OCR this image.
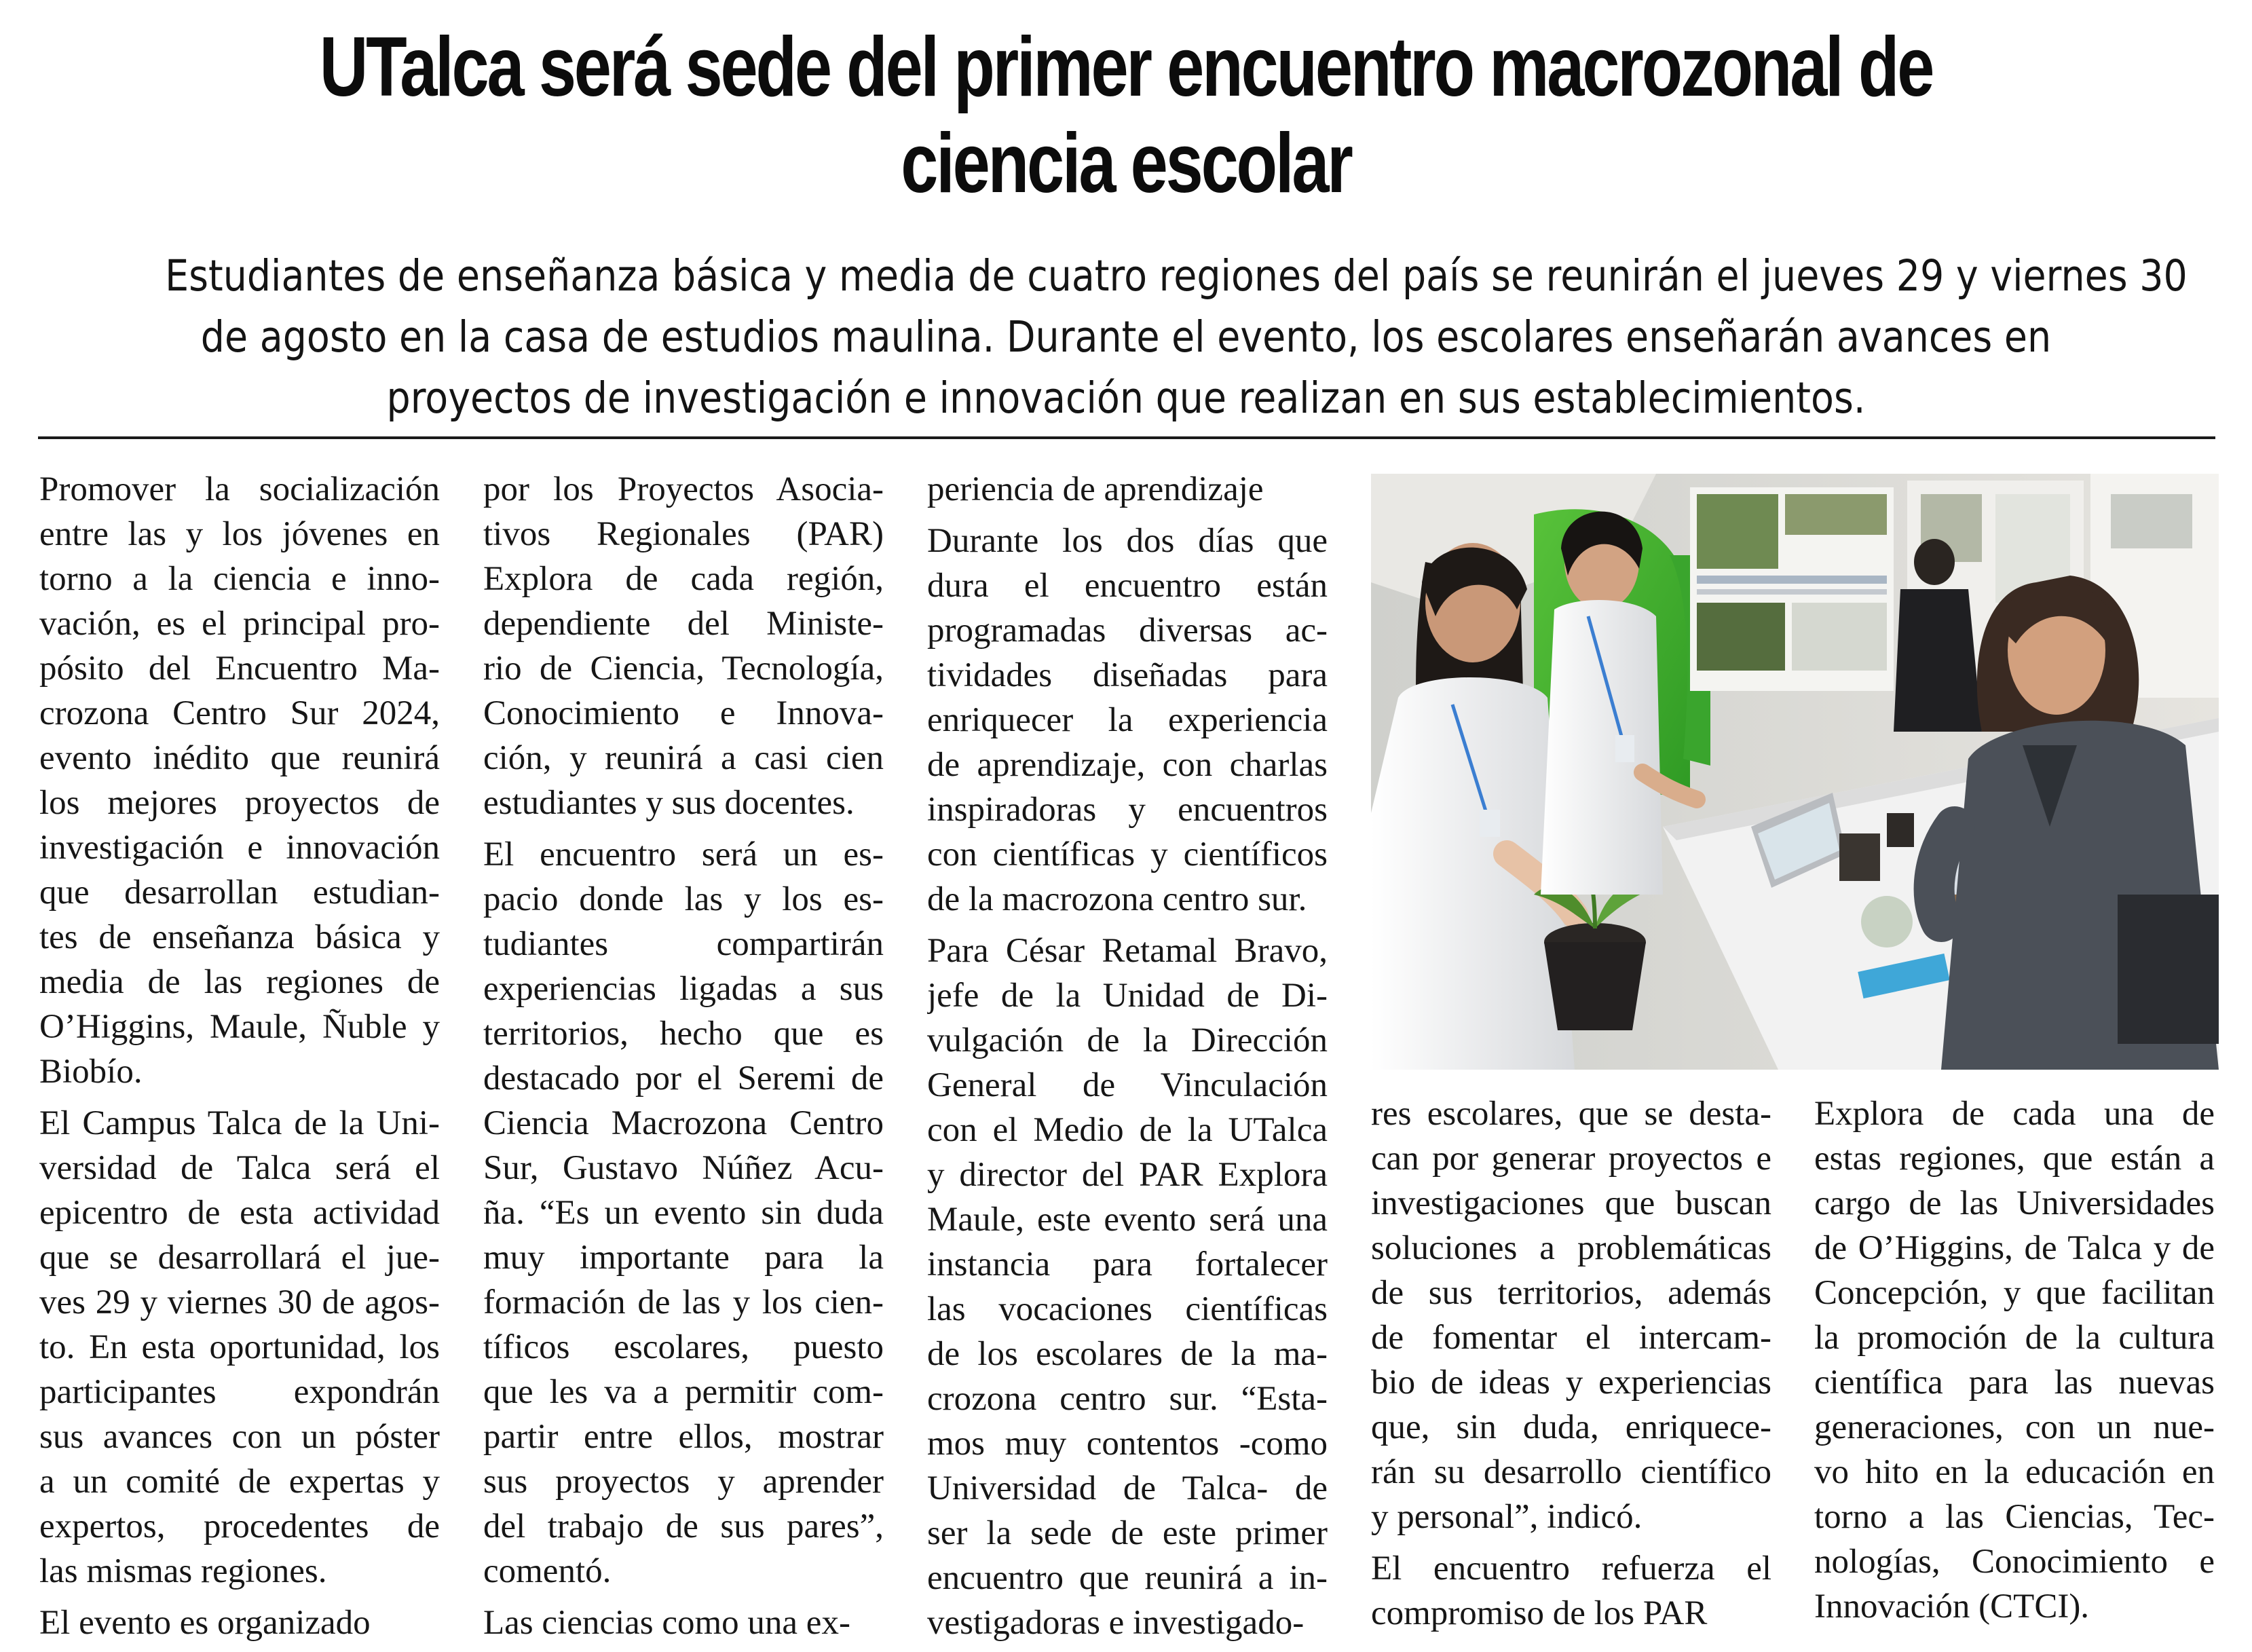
UTalca será sede del primer encuentro macrozonal de
ciencia escolar
Estudiantes de enseñanza básica y media de cuatro regiones del país se reunirán el jueves 29 y viernes 30
de agosto en la casa de estudios maulina. Durante el evento, los escolares enseñarán avances en
proyectos de investigación e innovación que realizan en sus establecimientos.

Promover la socialización
entre las y los jóvenes en
torno a la ciencia e inno-
vación, es el principal pro-
pósito del Encuentro Ma-
crozona Centro Sur 2024,
evento inédito que reunirá
los mejores proyectos de
investigación e innovación
que desarrollan estudian-
tes de enseñanza básica y
media de las regiones de
O’Higgins, Maule, Ñuble y
Biobío.

El Campus Talca de la Uni-
versidad de Talca será el
epicentro de esta actividad
que se desarrollará el jue-
ves 29 y viernes 30 de agos-
to. En esta oportunidad, los
participantes expondrán
sus avances con un póster
a un comité de expertas y
expertos, procedentes de
las mismas regiones.

El evento es organizado

por los Proyectos Asocia-
tivos Regionales (PAR)
Explora de cada región,
dependiente del Ministe-
rio de Ciencia, Tecnología,
Conocimiento e Innova-
ción, y reunirá a casi cien
estudiantes y sus docentes.

El encuentro será un es-
pacio donde las y los es-
tudiantes compartirán
experiencias ligadas a sus
territorios, hecho que es
destacado por el Seremi de
Ciencia Macrozona Centro
Sur, Gustavo Núñez Acu-
ña. “Es un evento sin duda
muy importante para la
formación de las y los cien-
tíficos escolares, puesto
que les va a permitir com-
partir entre ellos, mostrar
sus proyectos y aprender
del trabajo de sus pares”,
comentó.

Las ciencias como una ex-

periencia de aprendizaje

Durante los dos días que
dura el encuentro están
programadas diversas ac-
tividades diseñadas para
enriquecer la experiencia
de aprendizaje, con charlas
inspiradoras y encuentros
con científicas y científicos
de la macrozona centro sur.

Para César Retamal Bravo,
jefe de la Unidad de Di-
vulgación de la Dirección
General de Vinculación
con el Medio de la UTalca
y director del PAR Explora
Maule, este evento será una
instancia para fortalecer
las vocaciones científicas
de los escolares de la ma-
crozona centro sur. “Esta-
mos muy contentos -como
Universidad de Talca- de
ser la sede de este primer
encuentro que reunirá a in-
vestigadoras e investigado-

res escolares, que se desta-
can por generar proyectos e
investigaciones que buscan
soluciones a problemáticas
de sus territorios, además
de fomentar el intercam-
bio de ideas y experiencias
que, sin duda, enriquece-
rán su desarrollo científico
y personal”, indicó.

El encuentro refuerza el
compromiso de los PAR

Explora de cada una de
estas regiones, que están a
cargo de las Universidades
de O’Higgins, de Talca y de
Concepción, y que facilitan
la promoción de la cultura
científica para las nuevas
generaciones, con un nue-
vo hito en la educación en
torno a las Ciencias, Tec-
nologías, Conocimiento e
Innovación (CTCI).
